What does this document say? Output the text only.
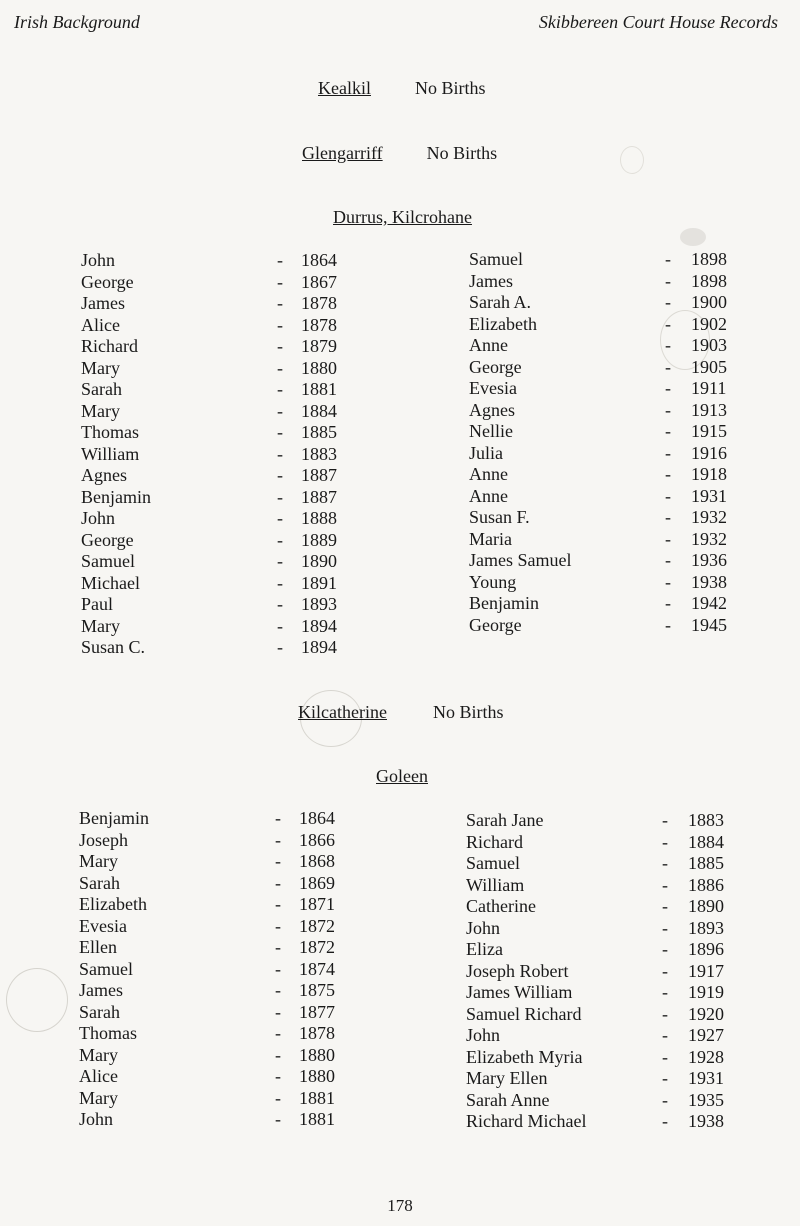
Irish Background	Skibbereen Court House Records
Kealkil No Births
Glengarriff No Births
Durrus, Kilcrohane
John	- 1864
George	- 1867
James	- 1878
Alice	- 1878
Richard	- 1879
Mary	- 1880
Sarah	- 1881
Mary	- 1884
Thomas	- 1885
William	- 1883
Agnes	- 1887
Benjamin	- 1887
John	- 1888
George	- 1889
Samuel	- 1890
Michael	- 1891
Paul	- 1893
Mary	- 1894
Susan C.	- 1894
Samuel	- 1898
James	- 1898
Sarah A.	- 1900
Elizabeth	- 1902
Anne	- 1903
George	- 1905
Evesia	- 1911
Agnes	- 1913
Nellie	- 1915
Julia	- 1916
Anne	- 1918
Anne	- 1931
Susan F.	- 1932
Maria	- 1932
James Samuel	- 1936
Young	- 1938
Benjamin	- 1942
George	- 1945
Kilcatherine	No Births
Goleen
Benjamin	- 1864
Joseph	- 1866
Mary	- 1868
Sarah	- 1869
Elizabeth	- 1871
Evesia	- 1872
Ellen	- 1872
Samuel	- 1874
James	- 1875
Sarah	- 1877
Thomas	- 1878
Mary	- 1880
Alice	- 1880
Mary	- 1881
John	- 1881
Sarah Jane	- 1883
Richard	- 1884
Samuel	- 1885
William	- 1886
Catherine	- 1890
John	- 1893
Eliza	- 1896
Joseph Robert	- 1917
James William	- 1919
Samuel Richard	- 1920
John	- 1927
Elizabeth Myria	- 1928
Mary Ellen	- 1931
Sarah Anne	- 1935
Richard Michael	- 1938
178
